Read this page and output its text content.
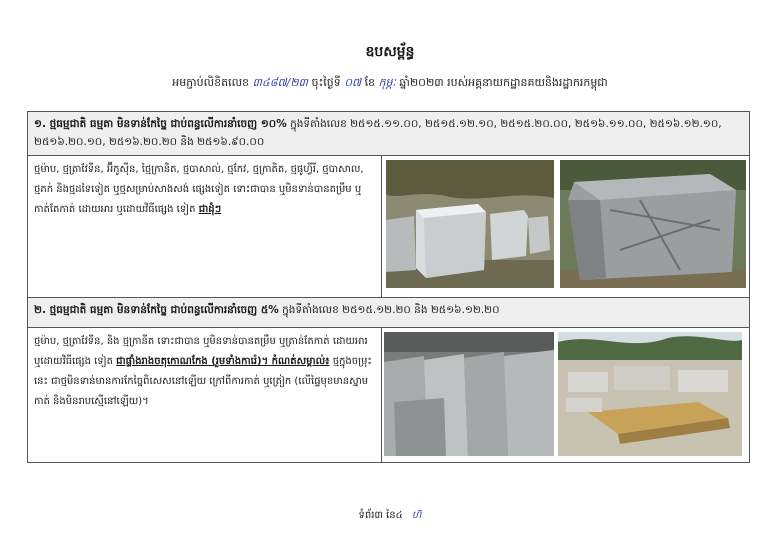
ឧបសម្ព័ន្ធ
អមភ្ជាប់លិខិតលេខ ៣៤៨៧/២៣ ចុះថ្ងៃទី ០៧ ខែ កុម្ភៈ ឆ្នាំ២០២៣ របស់អគ្គនាយកដ្ឋានគយនិងរដ្ឋាករកម្ពុជា
១. ថ្មធម្មជាតិ ធម្មតា មិនទាន់កែច្នៃ ជាប់ពន្ធលើការនាំចេញ ១០% ក្នុងទីតាំងលេខ ២៥១៥.១១.០០, ២៥១៥.១២.១០, ២៥១៥.២០.០០, ២៥១៦.១១.០០, ២៥១៦.១២.១០, ២៥១៦.២០.១០, ២៥១៦.២០.២០ និង ២៥១៦.៩០.០០
ថ្មម៉ាប, ថ្មត្រាវែទីន, អ៊ីកូស៊ីន, ថ្មៃក្រានិត, ថ្មបាសាល់, ថ្មកែវ, ថ្មក្រាតិត, ថ្មផូហ្វីរី, ថ្មបាសាល, ថ្មភក់ និងថ្មដទៃទៀត ឬថ្មសម្រាប់សាងសង់ ផ្សេងទៀត ទោះជាបាន ឬមិនទាន់បានតម្រឹម ឬកាត់តែកាត់ ដោយអារ ឬដោយវិធីផ្សេង ទៀត ជាដុំៗ
២. ថ្មធម្មជាតិ ធម្មតា មិនទាន់កែច្នៃ ជាប់ពន្ធលើការនាំចេញ ៥% ក្នុងទីតាំងលេខ ២៥១៥.១២.២០ និង ២៥១៦.១២.២០
ថ្មម៉ាប, ថ្មត្រាវែទីន, និង ថ្មក្រានីត ទោះជាបាន ឬមិនទាន់បានតម្រឹម ឬត្រាន់តែកាត់ ដោយអារ ឬដោយវិធីផ្សេង ទៀត ជាផ្ទាំងរាងចតុកោណកែង (រួមទាំងការ៉េ)។ កំណត់សម្គាល់៖ ថ្មក្នុងចម្រុះនេះ ជាថ្មមិនទាន់មានការកែច្នៃពិសេសនៅឡើយ ក្រៅពីការកាត់ ឬត្រៀក (លើផ្ទៃមុខមានស្នាមកាត់ និងមិនរាបស្មើនៅឡើយ)។
ទំព័រ៣ នៃ៤ ហ៊
